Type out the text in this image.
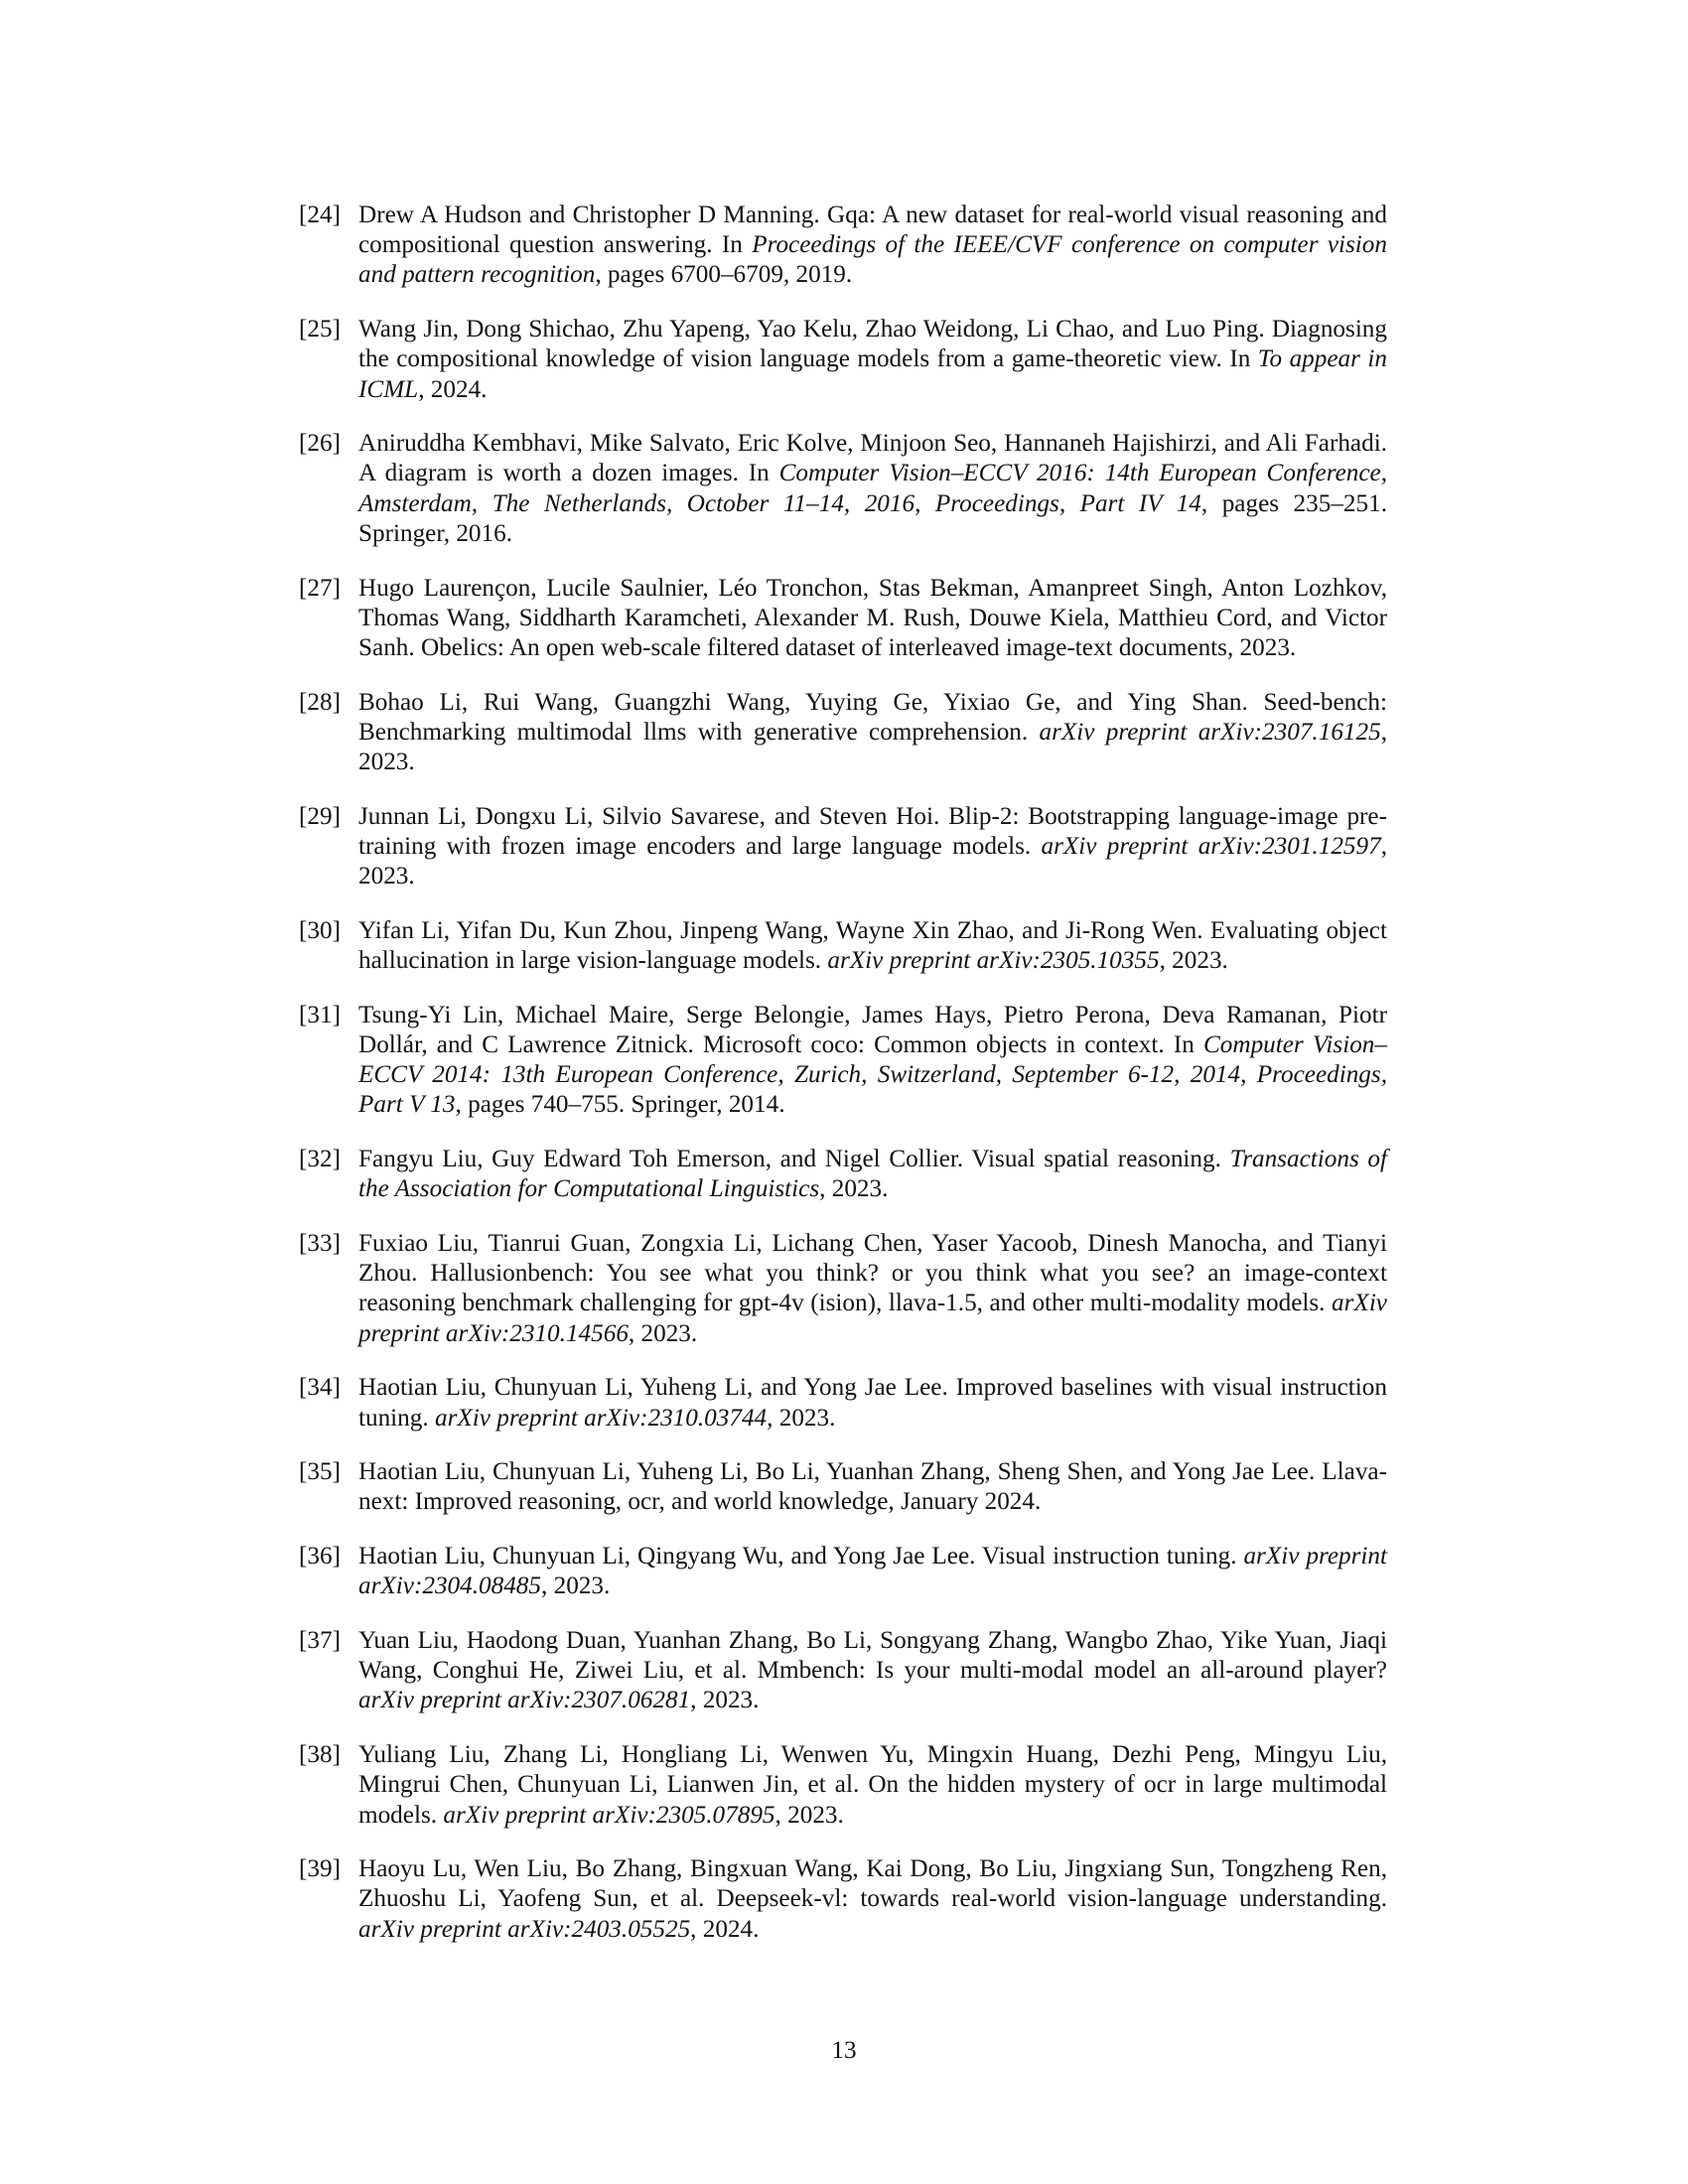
[24] Drew A Hudson and Christopher D Manning. Gqa: A new dataset for real-world visual reasoning and compositional question answering. In Proceedings of the IEEE/CVF conference on computer vision and pattern recognition, pages 6700–6709, 2019.
[25] Wang Jin, Dong Shichao, Zhu Yapeng, Yao Kelu, Zhao Weidong, Li Chao, and Luo Ping. Diagnosing the compositional knowledge of vision language models from a game-theoretic view. In To appear in ICML, 2024.
[26] Aniruddha Kembhavi, Mike Salvato, Eric Kolve, Minjoon Seo, Hannaneh Hajishirzi, and Ali Farhadi. A diagram is worth a dozen images. In Computer Vision–ECCV 2016: 14th European Conference, Amsterdam, The Netherlands, October 11–14, 2016, Proceedings, Part IV 14, pages 235–251. Springer, 2016.
[27] Hugo Laurençon, Lucile Saulnier, Léo Tronchon, Stas Bekman, Amanpreet Singh, Anton Lozhkov, Thomas Wang, Siddharth Karamcheti, Alexander M. Rush, Douwe Kiela, Matthieu Cord, and Victor Sanh. Obelics: An open web-scale filtered dataset of interleaved image-text documents, 2023.
[28] Bohao Li, Rui Wang, Guangzhi Wang, Yuying Ge, Yixiao Ge, and Ying Shan. Seed-bench: Benchmarking multimodal llms with generative comprehension. arXiv preprint arXiv:2307.16125, 2023.
[29] Junnan Li, Dongxu Li, Silvio Savarese, and Steven Hoi. Blip-2: Bootstrapping language-image pre-training with frozen image encoders and large language models. arXiv preprint arXiv:2301.12597, 2023.
[30] Yifan Li, Yifan Du, Kun Zhou, Jinpeng Wang, Wayne Xin Zhao, and Ji-Rong Wen. Evaluating object hallucination in large vision-language models. arXiv preprint arXiv:2305.10355, 2023.
[31] Tsung-Yi Lin, Michael Maire, Serge Belongie, James Hays, Pietro Perona, Deva Ramanan, Piotr Dollár, and C Lawrence Zitnick. Microsoft coco: Common objects in context. In Computer Vision–ECCV 2014: 13th European Conference, Zurich, Switzerland, September 6-12, 2014, Proceedings, Part V 13, pages 740–755. Springer, 2014.
[32] Fangyu Liu, Guy Edward Toh Emerson, and Nigel Collier. Visual spatial reasoning. Transactions of the Association for Computational Linguistics, 2023.
[33] Fuxiao Liu, Tianrui Guan, Zongxia Li, Lichang Chen, Yaser Yacoob, Dinesh Manocha, and Tianyi Zhou. Hallusionbench: You see what you think? or you think what you see? an image-context reasoning benchmark challenging for gpt-4v (ision), llava-1.5, and other multi-modality models. arXiv preprint arXiv:2310.14566, 2023.
[34] Haotian Liu, Chunyuan Li, Yuheng Li, and Yong Jae Lee. Improved baselines with visual instruction tuning. arXiv preprint arXiv:2310.03744, 2023.
[35] Haotian Liu, Chunyuan Li, Yuheng Li, Bo Li, Yuanhan Zhang, Sheng Shen, and Yong Jae Lee. Llava-next: Improved reasoning, ocr, and world knowledge, January 2024.
[36] Haotian Liu, Chunyuan Li, Qingyang Wu, and Yong Jae Lee. Visual instruction tuning. arXiv preprint arXiv:2304.08485, 2023.
[37] Yuan Liu, Haodong Duan, Yuanhan Zhang, Bo Li, Songyang Zhang, Wangbo Zhao, Yike Yuan, Jiaqi Wang, Conghui He, Ziwei Liu, et al. Mmbench: Is your multi-modal model an all-around player? arXiv preprint arXiv:2307.06281, 2023.
[38] Yuliang Liu, Zhang Li, Hongliang Li, Wenwen Yu, Mingxin Huang, Dezhi Peng, Mingyu Liu, Mingrui Chen, Chunyuan Li, Lianwen Jin, et al. On the hidden mystery of ocr in large multimodal models. arXiv preprint arXiv:2305.07895, 2023.
[39] Haoyu Lu, Wen Liu, Bo Zhang, Bingxuan Wang, Kai Dong, Bo Liu, Jingxiang Sun, Tongzheng Ren, Zhuoshu Li, Yaofeng Sun, et al. Deepseek-vl: towards real-world vision-language understanding. arXiv preprint arXiv:2403.05525, 2024.
13
